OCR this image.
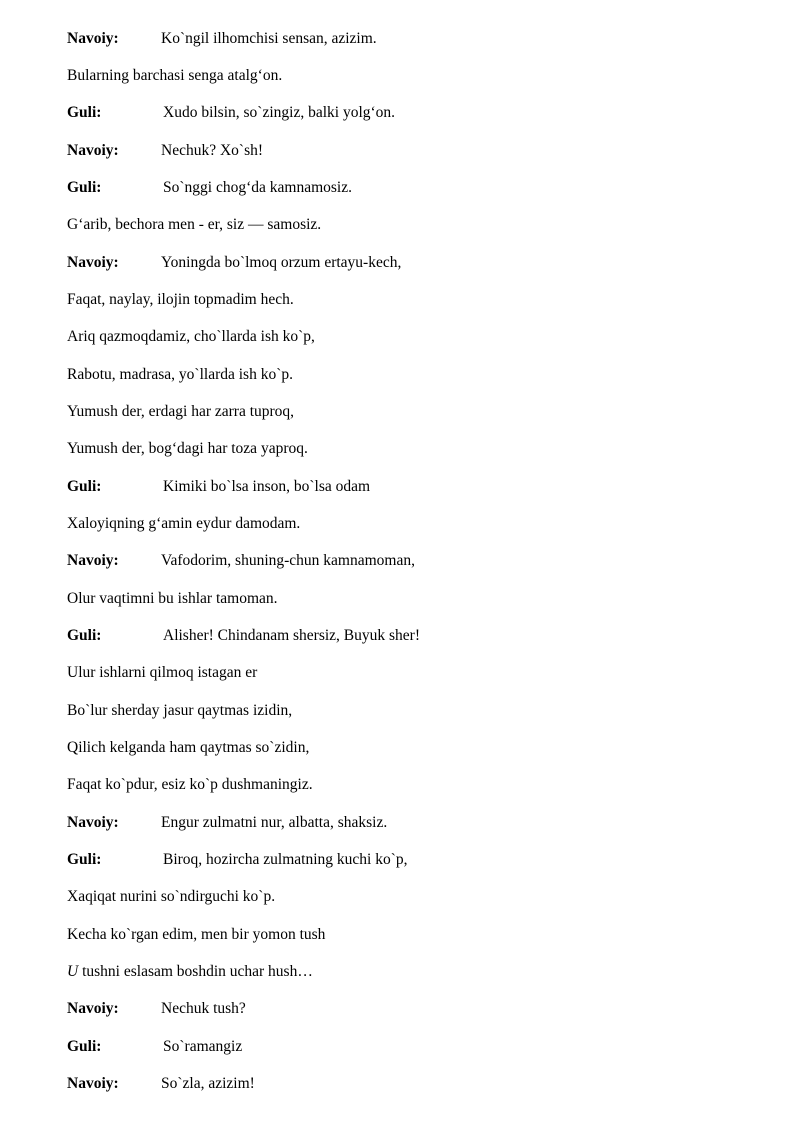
Navoiy:	Ko`ngil ilhomchisi sensan, azizim.
Bularning barchasi senga atalg‘on.
Guli:	Xudo bilsin, so`zingiz, balki yolg‘on.
Navoiy:	Nechuk? Xo`sh!
Guli:	So`nggi chog‘da kamnamosiz.
G‘arib, bechora men - er, siz — samosiz.
Navoiy:	Yoningda bo`lmoq orzum ertayu-kech,
Faqat, naylay, ilojin topmadim hech.
Ariq qazmoqdamiz, cho`llarda ish ko`p,
Rabotu, madrasa, yo`llarda ish ko`p.
Yumush der, erdagi har zarra tuproq,
Yumush der, bog‘dagi har toza yaproq.
Guli:	Kimiki bo`lsa inson, bo`lsa odam
Xaloyiqning g‘amin eydur damodam.
Navoiy:	Vafodorim, shuning-chun kamnamoman,
Olur vaqtimni bu ishlar tamoman.
Guli:	Alisher! Chindanam shersiz, Buyuk sher!
Ulur ishlarni qilmoq istagan er
Bo`lur sherday jasur qaytmas izidin,
Qilich kelganda ham qaytmas so`zidin,
Faqat ko`pdur, esiz ko`p dushmaningiz.
Navoiy:	Engur zulmatni nur, albatta, shaksiz.
Guli:	Biroq, hozircha zulmatning kuchi ko`p,
Xaqiqat nurini so`ndirguchi ko`p.
Kecha ko`rgan edim, men bir yomon tush
U tushni eslasam boshdin uchar hush…
Navoiy:	Nechuk tush?
Guli:	So`ramangiz
Navoiy:	So`zla, azizim!
